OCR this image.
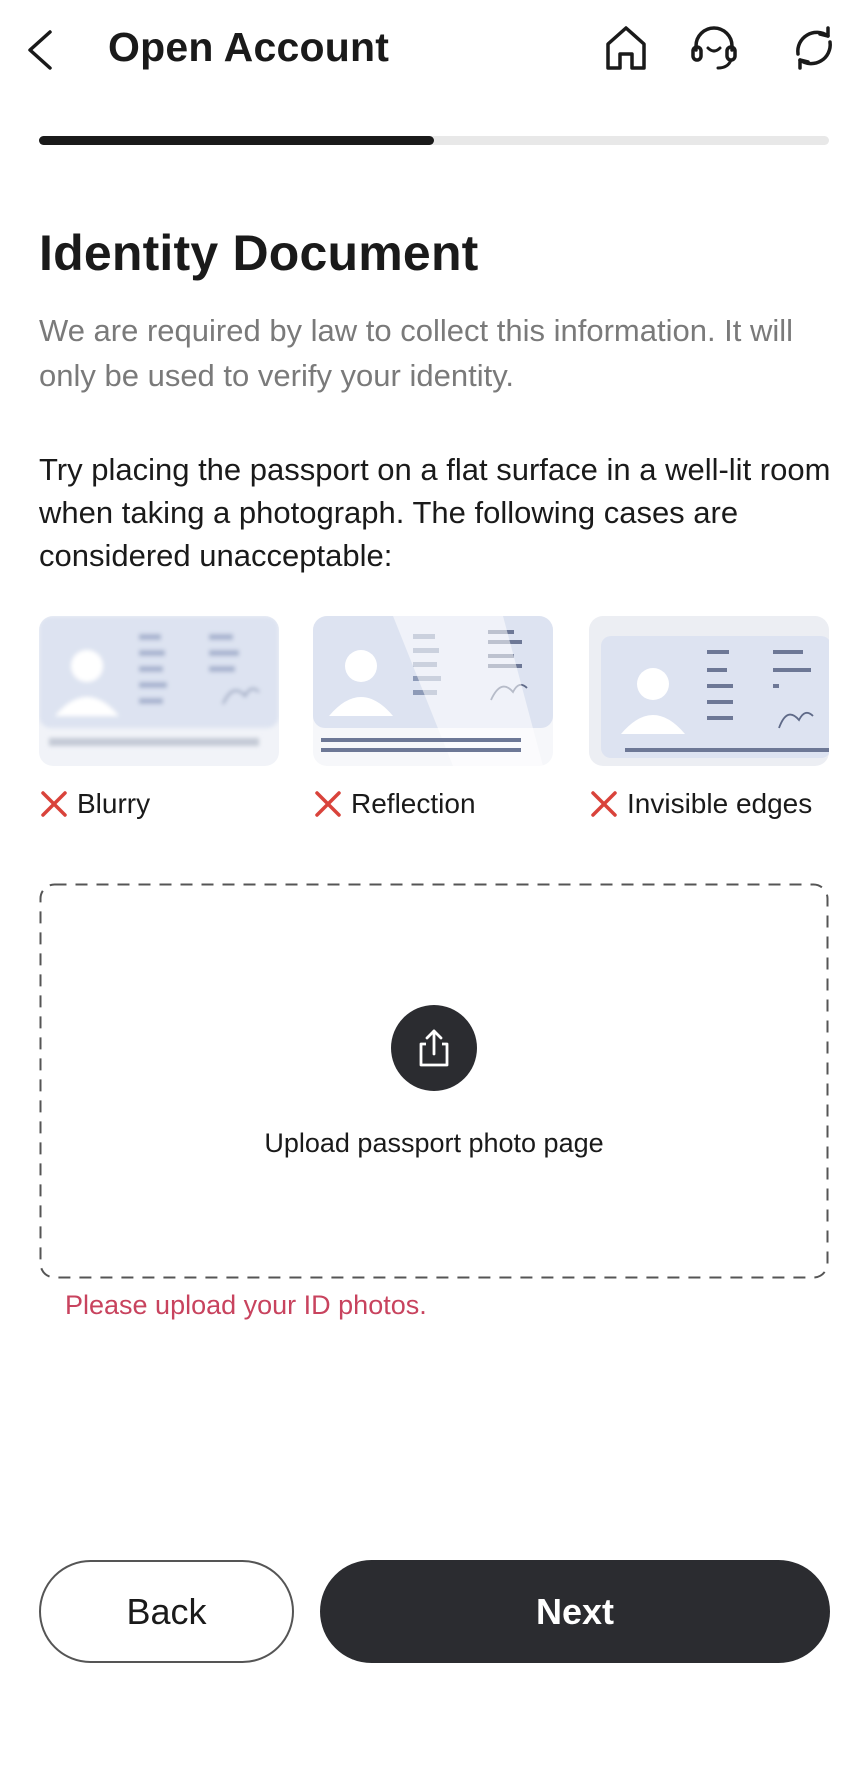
Open Account
Identity Document
We are required by law to collect this information. It will only be used to verify your identity.
Try placing the passport on a flat surface in a well-lit room when taking a photograph. The following cases are considered unacceptable:
Blurry	Reflection	Invisible edges
Upload passport photo page
Please upload your ID photos.
Back	Next
